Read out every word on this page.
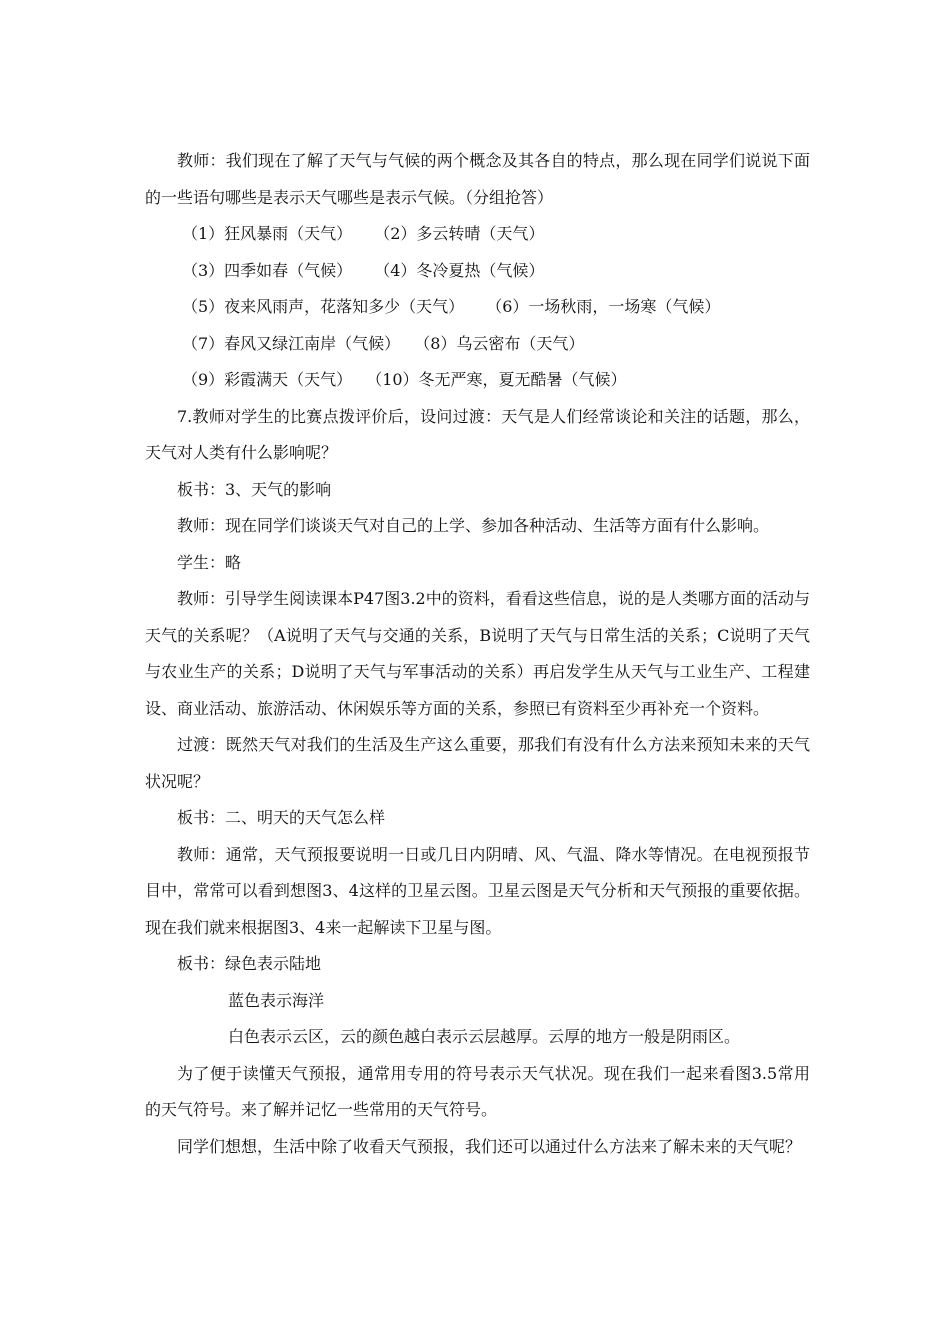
教师：我们现在了解了天气与气候的两个概念及其各自的特点，那么现在同学们说说下面的一些语句哪些是表示天气哪些是表示气候。（分组抢答）

（1）狂风暴雨（天气） （2）多云转晴（天气）

（3）四季如春（气候） （4）冬冷夏热（气候）

（5）夜来风雨声，花落知多少（天气） （6）一场秋雨，一场寒（气候）

（7）春风又绿江南岸（气候） （8）乌云密布（天气）

（9）彩霞满天（天气） （10）冬无严寒，夏无酷暑（气候）

7.教师对学生的比赛点拨评价后，设问过渡：天气是人们经常谈论和关注的话题，那么，天气对人类有什么影响呢？

板书：3、天气的影响

教师：现在同学们谈谈天气对自己的上学、参加各种活动、生活等方面有什么影响。

学生：略

教师：引导学生阅读课本P47图3.2中的资料，看看这些信息，说的是人类哪方面的活动与天气的关系呢？（A说明了天气与交通的关系，B说明了天气与日常生活的关系；C说明了天气与农业生产的关系；D说明了天气与军事活动的关系）再启发学生从天气与工业生产、工程建设、商业活动、旅游活动、休闲娱乐等方面的关系，参照已有资料至少再补充一个资料。

过渡：既然天气对我们的生活及生产这么重要，那我们有没有什么方法来预知未来的天气状况呢？

板书：二、明天的天气怎么样

教师：通常，天气预报要说明一日或几日内阴晴、风、气温、降水等情况。在电视预报节目中，常常可以看到想图3、4这样的卫星云图。卫星云图是天气分析和天气预报的重要依据。现在我们就来根据图3、4来一起解读下卫星与图。

板书：绿色表示陆地

蓝色表示海洋

白色表示云区，云的颜色越白表示云层越厚。云厚的地方一般是阴雨区。

为了便于读懂天气预报，通常用专用的符号表示天气状况。现在我们一起来看图3.5常用的天气符号。来了解并记忆一些常用的天气符号。

同学们想想，生活中除了收看天气预报，我们还可以通过什么方法来了解未来的天气呢？
